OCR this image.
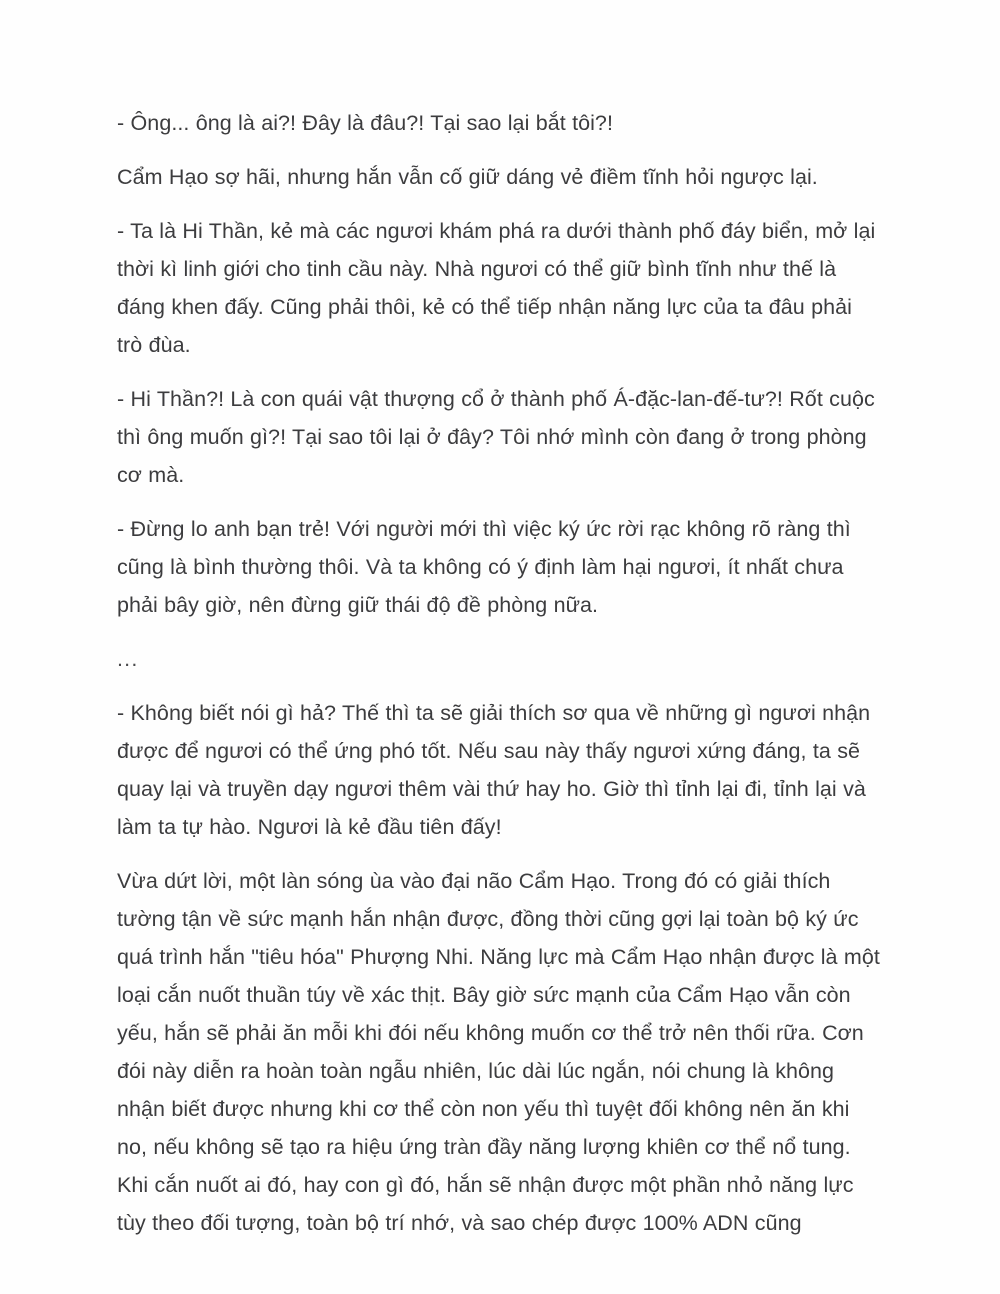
- Ông... ông là ai?! Đây là đâu?! Tại sao lại bắt tôi?!

Cẩm Hạo sợ hãi, nhưng hắn vẫn cố giữ dáng vẻ điềm tĩnh hỏi ngược lại.

- Ta là Hi Thần, kẻ mà các ngươi khám phá ra dưới thành phố đáy biển, mở lại thời kì linh giới cho tinh cầu này. Nhà ngươi có thể giữ bình tĩnh như thế là đáng khen đấy. Cũng phải thôi, kẻ có thể tiếp nhận năng lực của ta đâu phải trò đùa.

- Hi Thần?! Là con quái vật thượng cổ ở thành phố Á-đặc-lan-đế-tư?! Rốt cuộc thì ông muốn gì?! Tại sao tôi lại ở đây? Tôi nhớ mình còn đang ở trong phòng cơ mà.

- Đừng lo anh bạn trẻ! Với người mới thì việc ký ức rời rạc không rõ ràng thì cũng là bình thường thôi. Và ta không có ý định làm hại ngươi, ít nhất chưa phải bây giờ, nên đừng giữ thái độ đề phòng nữa.

...

- Không biết nói gì hả? Thế thì ta sẽ giải thích sơ qua về những gì ngươi nhận được để ngươi có thể ứng phó tốt. Nếu sau này thấy ngươi xứng đáng, ta sẽ quay lại và truyền dạy ngươi thêm vài thứ hay ho. Giờ thì tỉnh lại đi, tỉnh lại và làm ta tự hào. Ngươi là kẻ đầu tiên đấy!

Vừa dứt lời, một làn sóng ùa vào đại não Cẩm Hạo. Trong đó có giải thích tường tận về sức mạnh hắn nhận được, đồng thời cũng gợi lại toàn bộ ký ức quá trình hắn "tiêu hóa" Phượng Nhi. Năng lực mà Cẩm Hạo nhận được là một loại cắn nuốt thuần túy về xác thịt. Bây giờ sức mạnh của Cẩm Hạo vẫn còn yếu, hắn sẽ phải ăn mỗi khi đói nếu không muốn cơ thể trở nên thối rữa. Cơn đói này diễn ra hoàn toàn ngẫu nhiên, lúc dài lúc ngắn, nói chung là không nhận biết được nhưng khi cơ thể còn non yếu thì tuyệt đối không nên ăn khi no, nếu không sẽ tạo ra hiệu ứng tràn đầy năng lượng khiên cơ thể nổ tung. Khi cắn nuốt ai đó, hay con gì đó, hắn sẽ nhận được một phần nhỏ năng lực tùy theo đối tượng, toàn bộ trí nhớ, và sao chép được 100% ADN cũng
